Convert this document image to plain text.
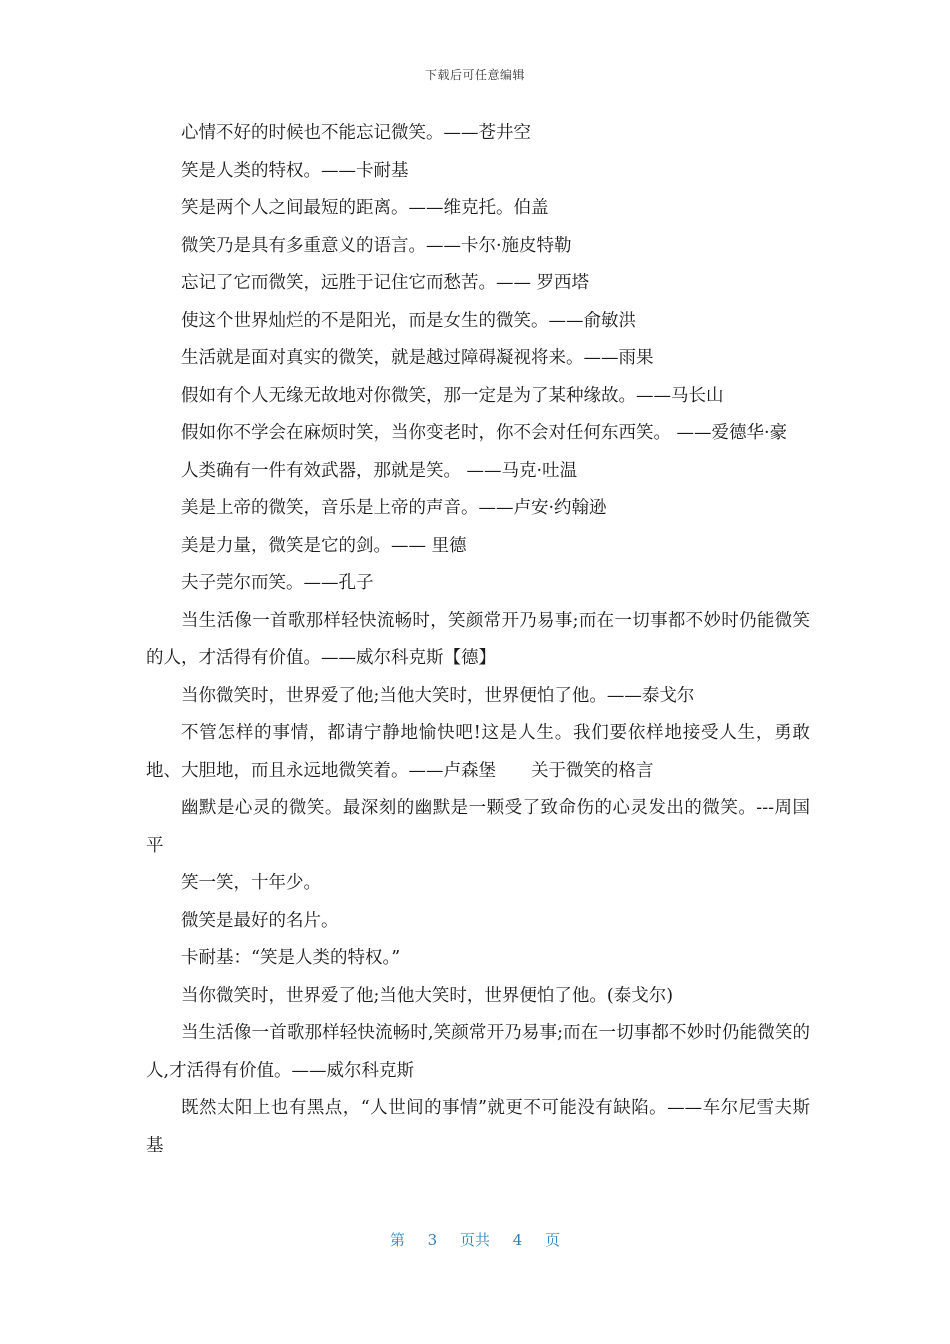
下载后可任意编辑

心情不好的时候也不能忘记微笑。——苍井空

笑是人类的特权。——卡耐基

笑是两个人之间最短的距离。——维克托。伯盖

微笑乃是具有多重意义的语言。——卡尔·施皮特勒

忘记了它而微笑，远胜于记住它而愁苦。—— 罗西塔

使这个世界灿烂的不是阳光，而是女生的微笑。——俞敏洪

生活就是面对真实的微笑，就是越过障碍凝视将来。——雨果

假如有个人无缘无故地对你微笑，那一定是为了某种缘故。——马长山

假如你不学会在麻烦时笑，当你变老时，你不会对任何东西笑。 ——爱德华·豪

人类确有一件有效武器，那就是笑。 ——马克·吐温

美是上帝的微笑，音乐是上帝的声音。——卢安·约翰逊

美是力量，微笑是它的剑。—— 里德

夫子莞尔而笑。——孔子

当生活像一首歌那样轻快流畅时，笑颜常开乃易事;而在一切事都不妙时仍能微笑的人，才活得有价值。——威尔科克斯【德】

当你微笑时，世界爱了他;当他大笑时，世界便怕了他。——泰戈尔

不管怎样的事情，都请宁静地愉快吧!这是人生。我们要依样地接受人生，勇敢地、大胆地，而且永远地微笑着。——卢森堡　　关于微笑的格言

幽默是心灵的微笑。最深刻的幽默是一颗受了致命伤的心灵发出的微笑。---周国平

笑一笑，十年少。

微笑是最好的名片。

卡耐基：“笑是人类的特权。”

当你微笑时，世界爱了他;当他大笑时，世界便怕了他。(泰戈尔)

当生活像一首歌那样轻快流畅时,笑颜常开乃易事;而在一切事都不妙时仍能微笑的人,才活得有价值。——威尔科克斯

既然太阳上也有黑点，“人世间的事情”就更不可能没有缺陷。——车尔尼雪夫斯基

第 3 页共 4 页
